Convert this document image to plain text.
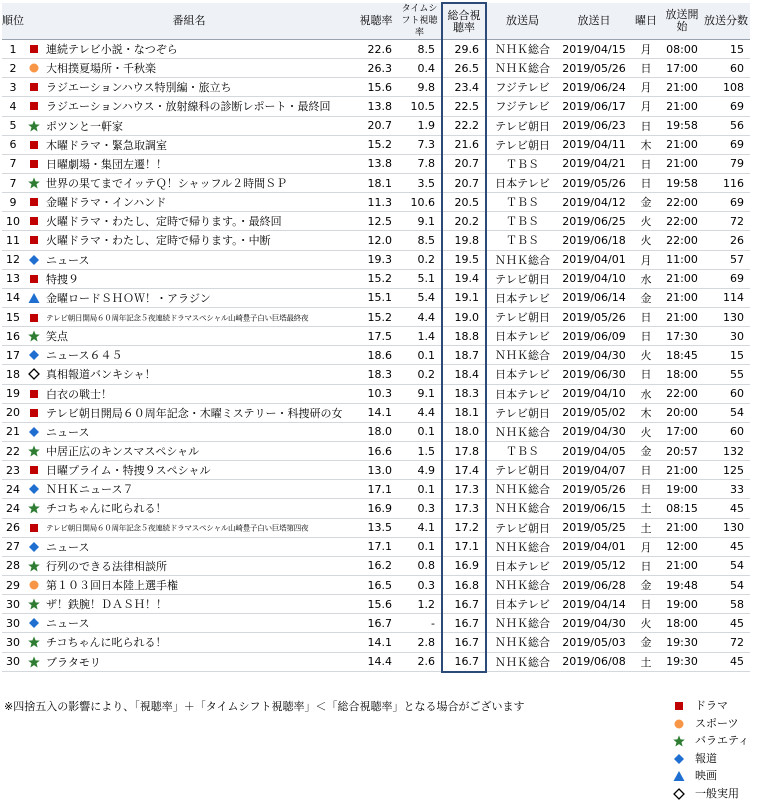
順位	番組名	視聴率	タイムシフト視聴率	総合視聴率	放送局	放送日	曜日	放送開始	放送分数
1	連続テレビ小説・なつぞら	22.6	8.5	29.6	ＮＨＫ総合	2019/04/15	月	08:00	15
2	大相撲夏場所・千秋楽	26.3	0.4	26.5	ＮＨＫ総合	2019/05/26	日	17:00	60
3	ラジエーションハウス特別編・旅立ち	15.6	9.8	23.4	フジテレビ	2019/06/24	月	21:00	108
4	ラジエーションハウス・放射線科の診断レポート・最終回	13.8	10.5	22.5	フジテレビ	2019/06/17	月	21:00	69
5	ポツンと一軒家	20.7	1.9	22.2	テレビ朝日	2019/06/23	日	19:58	56
6	木曜ドラマ・緊急取調室	15.2	7.3	21.6	テレビ朝日	2019/04/11	木	21:00	69
7	日曜劇場・集団左遷！！	13.8	7.8	20.7	ＴＢＳ	2019/04/21	日	21:00	79
7	世界の果てまでイッテＱ！シャッフル２時間ＳＰ	18.1	3.5	20.7	日本テレビ	2019/05/26	日	19:58	116
9	金曜ドラマ・インハンド	11.3	10.6	20.5	ＴＢＳ	2019/04/12	金	22:00	69
10	火曜ドラマ・わたし、定時で帰ります。・最終回	12.5	9.1	20.2	ＴＢＳ	2019/06/25	火	22:00	72
11	火曜ドラマ・わたし、定時で帰ります。・中断	12.0	8.5	19.8	ＴＢＳ	2019/06/18	火	22:00	26
12	ニュース	19.3	0.2	19.5	ＮＨＫ総合	2019/04/01	月	11:00	57
13	特捜９	15.2	5.1	19.4	テレビ朝日	2019/04/10	水	21:00	69
14	金曜ロードＳＨＯＷ！・アラジン	15.1	5.4	19.1	日本テレビ	2019/06/14	金	21:00	114
15	テレビ朝日開局６０周年記念５夜連続ドラマスペシャル山崎豊子白い巨塔最終夜	15.2	4.4	19.0	テレビ朝日	2019/05/26	日	21:00	130
16	笑点	17.5	1.4	18.8	日本テレビ	2019/06/09	日	17:30	30
17	ニュース６４５	18.6	0.1	18.7	ＮＨＫ総合	2019/04/30	火	18:45	15
18	真相報道バンキシャ！	18.3	0.2	18.4	日本テレビ	2019/06/30	日	18:00	55
19	白衣の戦士！	10.3	9.1	18.3	日本テレビ	2019/04/10	水	22:00	60
20	テレビ朝日開局６０周年記念・木曜ミステリー・科捜研の女	14.1	4.4	18.1	テレビ朝日	2019/05/02	木	20:00	54
21	ニュース	18.0	0.1	18.0	ＮＨＫ総合	2019/04/30	火	17:00	60
22	中居正広のキンスマスペシャル	16.6	1.5	17.8	ＴＢＳ	2019/04/05	金	20:57	132
23	日曜プライム・特捜９スペシャル	13.0	4.9	17.4	テレビ朝日	2019/04/07	日	21:00	125
24	ＮＨＫニュース７	17.1	0.1	17.3	ＮＨＫ総合	2019/05/26	日	19:00	33
24	チコちゃんに叱られる！	16.9	0.3	17.3	ＮＨＫ総合	2019/06/15	土	08:15	45
26	テレビ朝日開局６０周年記念５夜連続ドラマスペシャル山崎豊子白い巨塔第四夜	13.5	4.1	17.2	テレビ朝日	2019/05/25	土	21:00	130
27	ニュース	17.1	0.1	17.1	ＮＨＫ総合	2019/04/01	月	12:00	45
28	行列のできる法律相談所	16.2	0.8	16.9	日本テレビ	2019/05/12	日	21:00	54
29	第１０３回日本陸上選手権	16.5	0.3	16.8	ＮＨＫ総合	2019/06/28	金	19:48	54
30	ザ！鉄腕！ＤＡＳＨ！！	15.6	1.2	16.7	日本テレビ	2019/04/14	日	19:00	58
30	ニュース	16.7	-	16.7	ＮＨＫ総合	2019/04/30	火	18:00	45
30	チコちゃんに叱られる！	14.1	2.8	16.7	ＮＨＫ総合	2019/05/03	金	19:30	72
30	ブラタモリ	14.4	2.6	16.7	ＮＨＫ総合	2019/06/08	土	19:30	45
※四捨五入の影響により、「視聴率」＋「タイムシフト視聴率」＜「総合視聴率」となる場合がございます	ドラマ
スポーツ
バラエティ
報道
映画
一般実用
